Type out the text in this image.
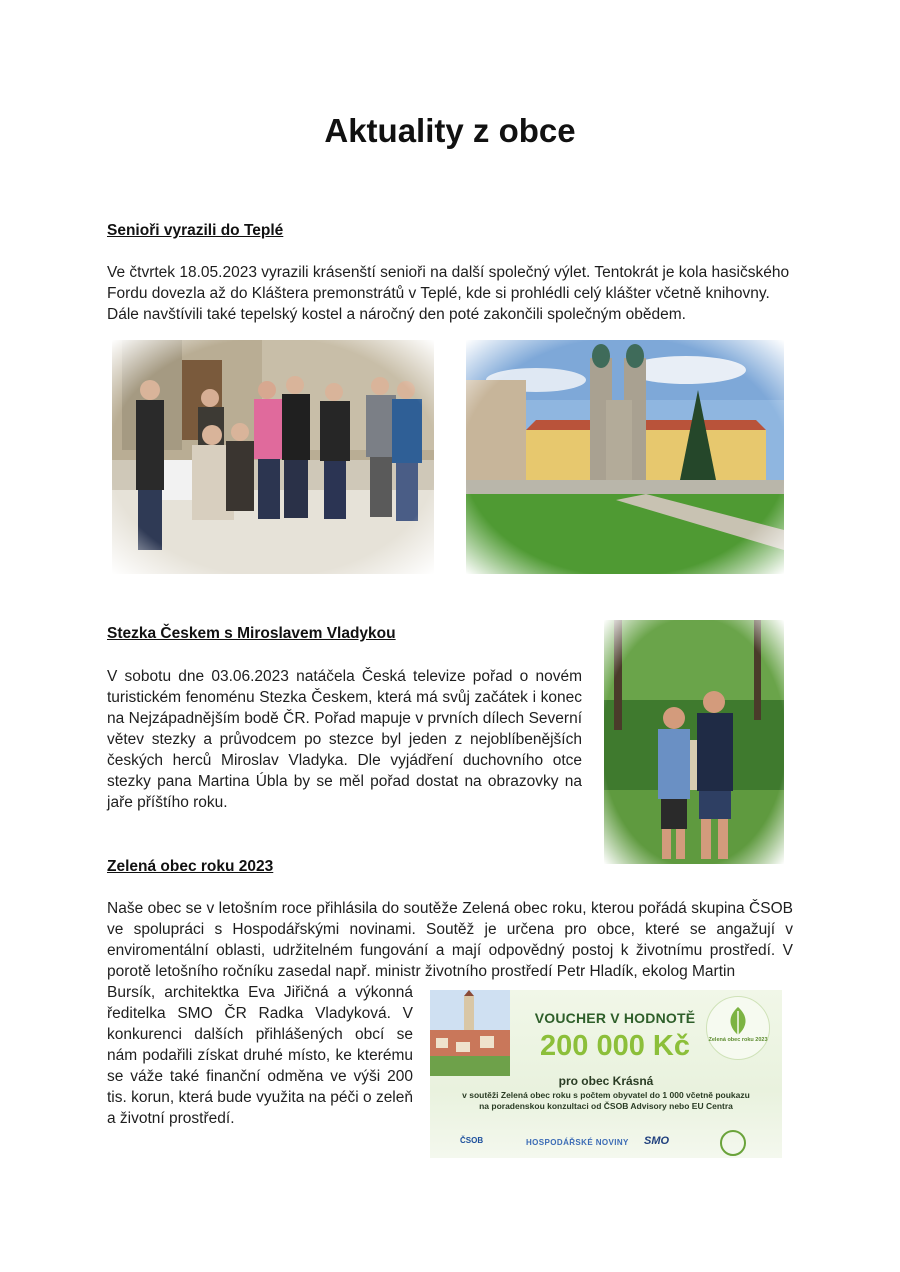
Aktuality z obce
Senioři vyrazili do Teplé

Ve čtvrtek 18.05.2023 vyrazili krásenští senioři na další společný výlet. Tentokrát je kola hasičského Fordu dovezla až do Kláštera premonstrátů v Teplé, kde si prohlédli celý klášter včetně knihovny. Dále navštívili také tepelský kostel a náročný den poté zakončili společným obědem.

Stezka Českem s Miroslavem Vladykou

V sobotu dne 03.06.2023 natáčela Česká televize pořad o novém turistickém fenoménu Stezka Českem, která má svůj začátek i konec na Nejzápadnějším bodě ČR. Pořad mapuje v prvních dílech Severní větev stezky a průvodcem po stezce byl jeden z nejoblíbenějších českých herců Miroslav Vladyka. Dle vyjádření duchovního otce stezky pana Martina Úbla by se měl pořad dostat na obrazovky na jaře příštího roku.

Zelená obec roku 2023

Naše obec se v letošním roce přihlásila do soutěže Zelená obec roku, kterou pořádá skupina ČSOB ve spolupráci s Hospodářskými novinami. Soutěž je určena pro obce, které se angažují v enviromentální oblasti, udržitelném fungování a mají odpovědný postoj k životnímu prostředí. V porotě letošního ročníku zasedal např. ministr životního prostředí Petr Hladík, ekolog Martin

Bursík, architektka Eva Jiřičná a výkonná ředitelka SMO ČR Radka Vladyková. V konkurenci dalších přihlášených obcí se nám podařili získat druhé místo, ke kterému se váže také finanční odměna ve výši 200 tis. korun, která bude využita na péči o zeleň a životní prostředí.

VOUCHER V HODNOTĚ
200 000 Kč	Zelená obec roku 2023
pro obec Krásná

v soutěži Zelená obec roku s počtem obyvatel do 1 000 včetně poukazu na poradenskou konzultaci od ČSOB Advisory nebo EU Centra

ČSOB	HOSPODÁŘSKÉ NOVINY SMO
